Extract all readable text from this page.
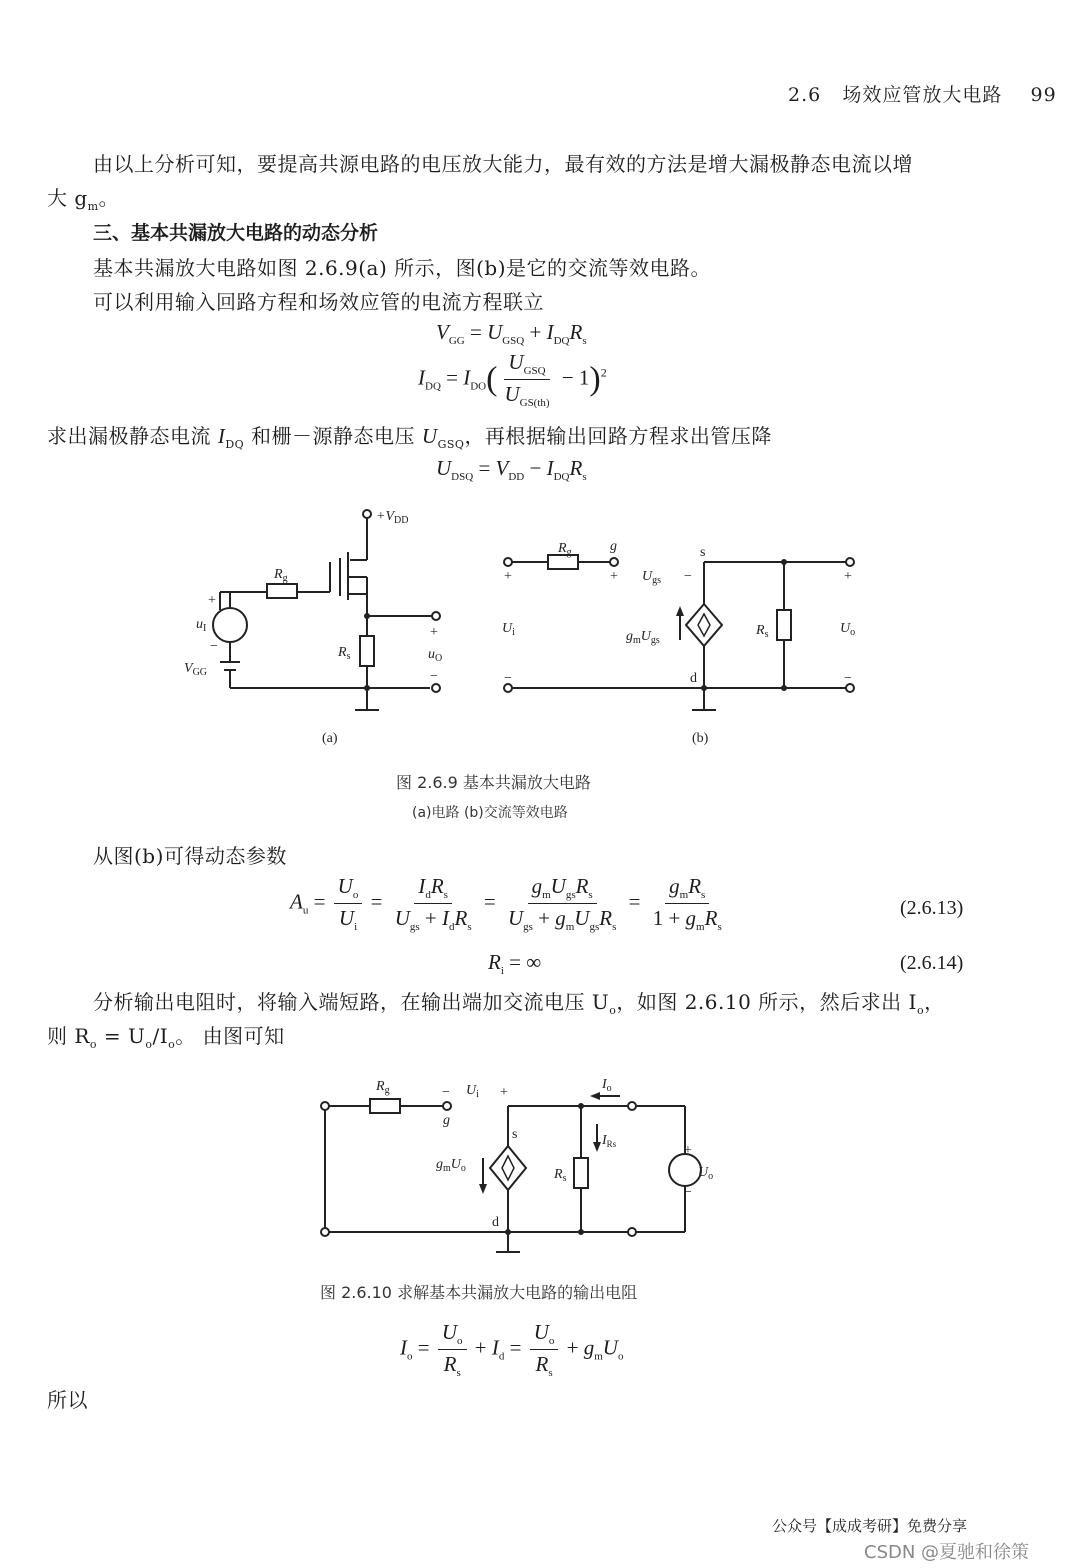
2.6 场效应管放大电路 99
由以上分析可知，要提高共源电路的电压放大能力，最有效的方法是增大漏极静态电流以增
大 $g_m$。
三、基本共漏放大电路的动态分析
基本共漏放大电路如图 2.6.9(a) 所示，图(b)是它的交流等效电路。
可以利用输入回路方程和场效应管的电流方程联立
$V_{GG} = U_{GSQ} + I_{DQ}R_s$
$I_{DQ} = I_{DO}( \frac{U_{GSQ}}{U_{GS(th)}} - 1)^2$
求出漏极静态电流 $I_{DQ}$ 和栅－源静态电压 $U_{GSQ}$，再根据输出回路方程求出管压降
$U_{DSQ} = V_{DD} - I_{DQ}R_s$
$+V_{DD}$
$R_g$
$u_I$
+
−
$V_{GG}$
$R_s$
+
$u_O$
−
(a)
$R_g$	g
+	+
$U_i$
−
s
$U_{gs}$ −
$g_mU_{gs}$
d
$R_s$
+
$U_o$
−
(b)
图 2.6.9 基本共漏放大电路
(a)电路 (b)交流等效电路
从图(b)可得动态参数
$A_u = \frac{U_o}{U_i} = \frac{I_dR_s}{U_{gs} + I_dR_s} = \frac{g_mU_{gs}R_s}{U_{gs} + g_mU_{gs}R_s} = \frac{g_mR_s}{1 + g_mR_s}$	(2.6.13)
$R_i$ = ∞	(2.6.14)
分析输出电阻时，将输入端短路，在输出端加交流电压 $U_o$，如图 2.6.10 所示，然后求出 $I_o$，
则 $R_o = U_o/I_o$。 由图可知
$R_g$	− $U_i$ +
g
s
$I_o$
$I_{Rs}$
$g_mU_o$	$R_s$
+
$U_o$
−
d
图 2.6.10 求解基本共漏放大电路的输出电阻
$I_o = \frac{U_o}{R_s} + I_d = \frac{U_o}{R_s} + g_mU_o$
所以
公众号【成成考研】免费分享
CSDN @夏驰和徐策
